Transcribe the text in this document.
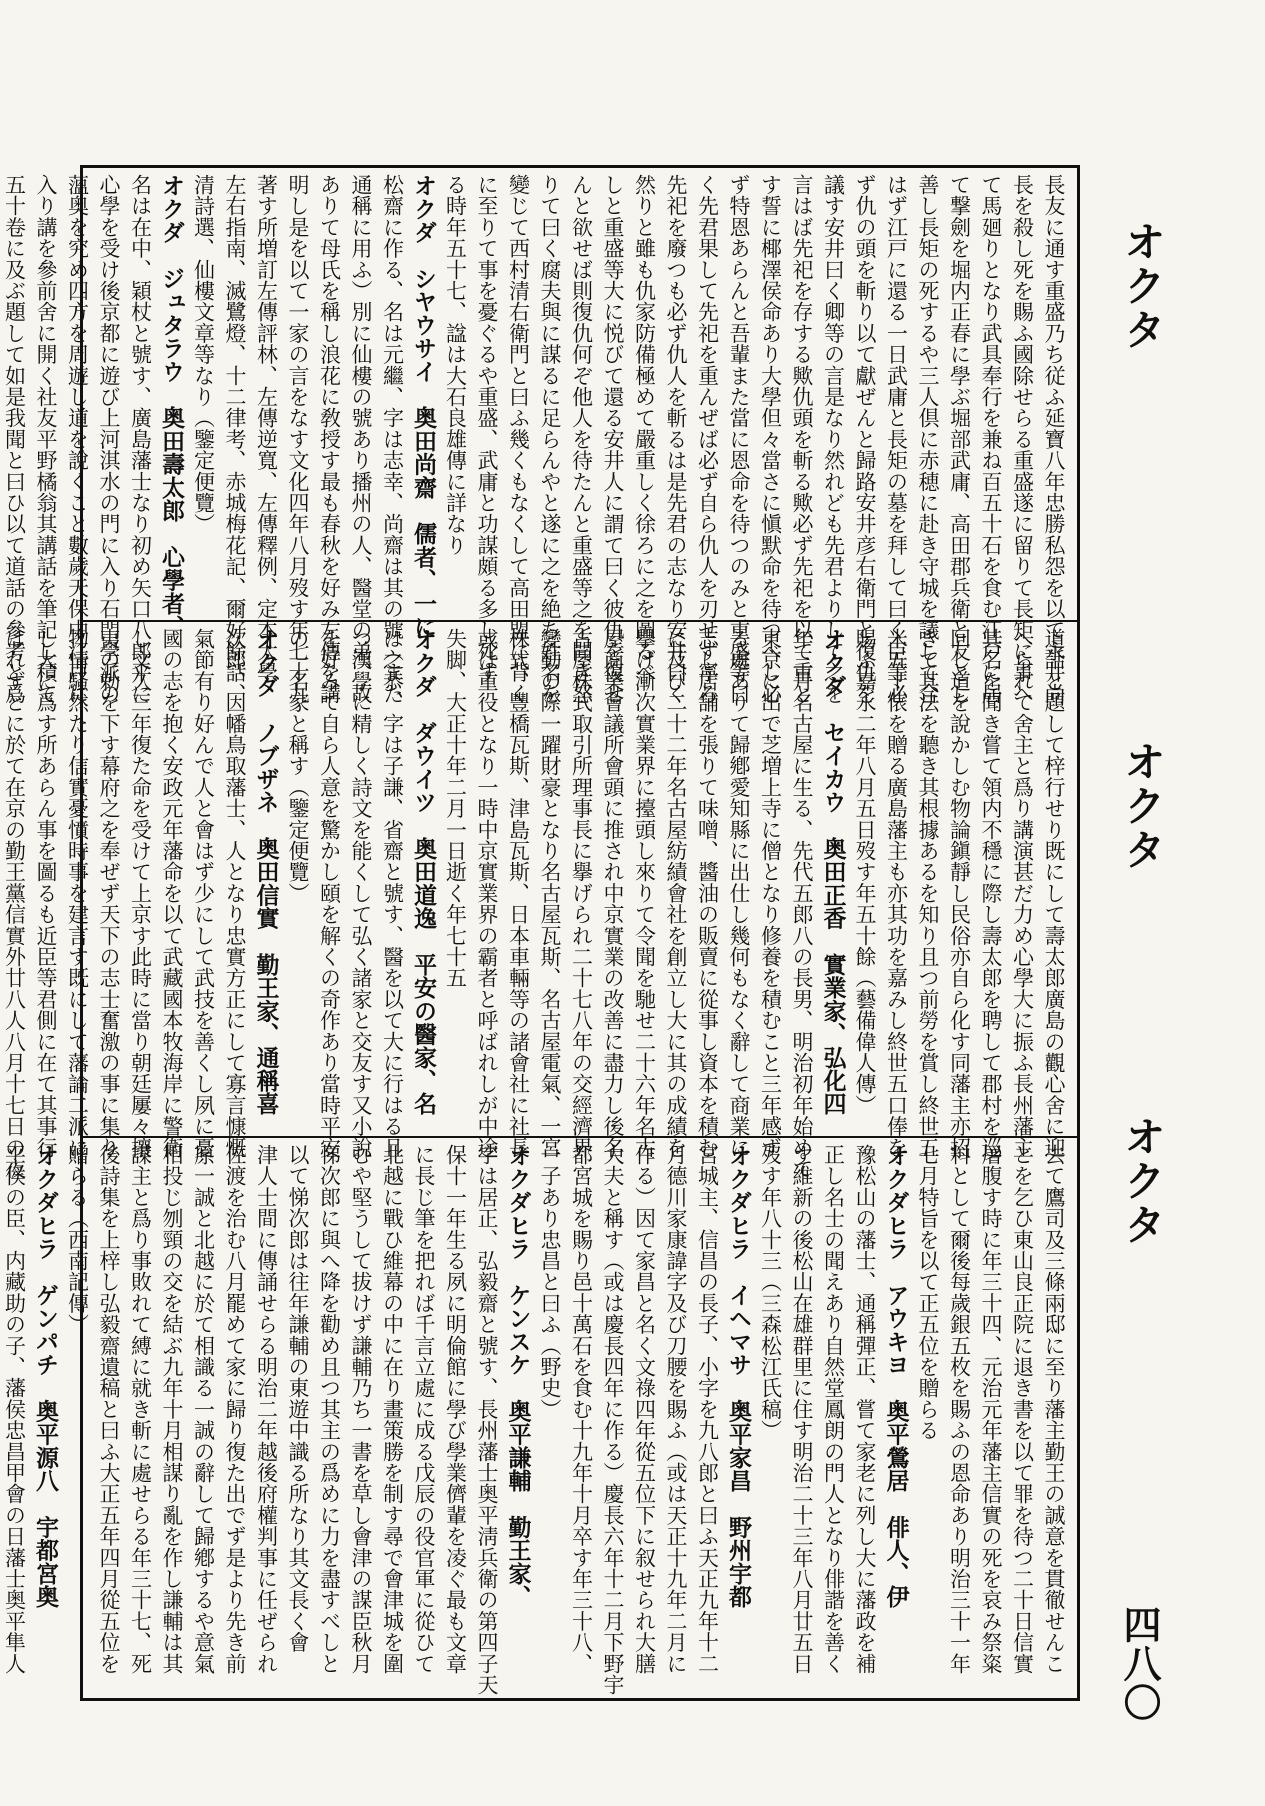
長友に通す重盛乃ち従ふ延寶八年忠勝私怨を以て永井尚
長を殺し死を賜ふ國除せらる重盛遂に留りて長矩に事へ
て馬廻りとなり武具奉行を兼ね百五十石を食む江戸に居
て撃劍を堀内正春に學ぶ堀部武庸、高田郡兵衛と友とし
善し長矩の死するや三人倶に赤穂に赴き守城を議して合
はず江戸に還る一日武庸と長矩の墓を拜して曰く臣等必
ず仇の頭を斬り以て獻ぜんと歸路安井彦右衛門と復仇を
議す安井曰く卿等の言是なり然れども先君よりして之を
言はば先祀を存する歟仇頭を斬る歟必ず先祀を以て重と
す誓に椰澤侯命あり大學但々當さに愼默命を待つべし必
ず特恩あらんと吾輩また當に恩命を待つのみと重盛等曰
く先君果して先祀を重んぜば必ず自ら仇人を刃せず寧ろ
先祀を廢つも必ず仇人を斬るは是先君の志なり安井曰く
然りと雖も仇家防備極めて嚴重しく徐ろに之を圖るべ
しと重盛等大に悦びて還る安井人に謂て曰く彼仇を復せ
んと欲せば則復仇何ぞ他人を待たんと重盛等之を聞き怒
りて曰く腐夫與に謀るに足らんやと遂に之を絶ち姓名を
變じて西村清右衛門と曰ふ幾くもなくして高田盟に背く
に至りて事を憂ぐるや重盛、武庸と功謀頗る多し死す
る時年五十七、諡は大石良雄傳に詳なり
オクダ　シヤウサイ　奥田尚齋　儒者、一に
松齋に作る、名は元繼、字は志幸、尚齋は其の號（また
通稱に用ふ）別に仙樓の號あり播州の人、醫堂の弟、故
ありて母氏を稱し浪花に敎授す最も春秋を好み左傳を講
明し是を以て一家の言をなす文化四年八月歿す年七十九
著す所増訂左傳評林、左傳逆寬、左傳釋例、定本大學
左右指南、滅鷺燈、十二律考、赤城梅花記、爾好餘話、
清詩選、仙樓文章等なり（鑒定便覽）
オクダ　ジュタラウ　奥田壽太郎　心學者、
名は在中、穎杖と號す、廣島藩士なり初め矢口八郎平に
心學を受け後京都に遊び上河淇水の門に入り石門學派の
薀奥を究め四方を周遊し道を說くこと數歲天保中江戸に
入り講を參前舍に開く社友平野橘翁其講話を筆記し積て
五十卷に及ぶ題して如是我聞と曰ひ以て道話の參考と爲
道話と題して梓行せり既にして壽太郎廣島の觀心舍に迎
へられて舍主と爲り講演甚だ力め心學大に振ふ長州藩主
其名を聞き嘗て領内不穩に際し壽太郎を聘して郡村を巡
回し道を說かしむ物論鎭靜し民俗亦自ら化す同藩主亦招
きて其法を聽き其根據あるを知り且つ前勞を賞し終世五
米五十俵を贈る廣島藩主も亦其功を嘉みし終世五口俸を
賜ふ嘉永二年八月五日歿す年五十餘（藝備偉人傳）
オクダ　セイカウ　奥田正香　實業家、弘化四
年三月名古屋に生る、先代五郎八の長男、明治初年始めて
東京に出で芝増上寺に僧となり修養を積むこと三年感ず
る處ありて歸鄕愛知縣に出仕し幾何もなく辭して商業に
志し店舗を張りて味噌、醬油の販賣に從事し資本を積む
に及び二十二年名古屋紡績會社を創立し大に其の成績を
擧げ漸次實業界に擡頭し來りて令聞を馳せ二十六年名古
屋商業會議所會頭に推され中京實業の改善に盡力し後名
古屋株式取引所理事長に擧げられ二十七八年の交經濟界
變動の際一躍財豪となり名古屋瓦斯、名古屋電氣、一宮
株式、豐橋瓦斯、津島瓦斯、日本車輛等の諸會社に社長
或は重役となり一時中京實業界の霸者と呼ばれしが中途
失脚、大正十年二月一日逝く年七十五
オクダ　ダウイツ　奥田道逸　平安の醫家、名
は之恭、字は子謙、省齋と號す、醫を以て大に行はる且
つ漢學に精しく詩文を能くして弘く諸家と交友す又小說
を好みて自ら人意を驚かし頤を解くの奇作あり當時平安
の一名家と稱す（鑒定便覽）
オクダ　ノブザネ　奥田信實　勤王家、通稱喜
次郎、因幡鳥取藩士、人となり忠實方正にして寡言慷慨
氣節有り好んで人と會はず少にして武技を善くし夙に憂
國の志を抱く安政元年藩命を以て武藏國本牧海岸に警衛
し文久三年復た命を受けて上京す此時に當り朝廷屢々攘
夷の勅を下す幕府之を奉ぜず天下の志士奮激の事に集り
物情騷然たり信實憂憤時事を建言す既にして藩論二派に
し大に爲す所あらん事を圖るも近臣等君側に在て其事行
はれずとに於て在京の勤王黨信實外廿八人八月十七日の夜
去て鷹司及三條兩邸に至り藩主勤王の誠意を貫徹せんこ
とを乞ひ東山良正院に退き書を以て罪を待つ二十日信實
屠腹す時に年三十四、元治元年藩主信實の死を哀み祭粢
料として爾後每歲銀五枚を賜ふの恩命あり明治三十一年
七月特旨を以て正五位を贈らる
オクダヒラ　アウキヨ　奥平鶯居　俳人、伊
豫松山の藩士、通稱彈正、嘗て家老に列し大に藩政を補
正し名士の聞えあり自然堂鳳朗の門人となり俳諧を善く
す維新の後松山在雄群里に住す明治二十三年八月廿五日
歿す年八十三（三森松江氏稿）
オクダヒラ　イヘマサ　奥平家昌　野州宇都
宮城主、信昌の長子、小字を九八郎と曰ふ天正九年十二
月德川家康諱字及び刀腰を賜ふ（或は天正十九年二月に
作る）因て家昌と名く文祿四年從五位下に叙せられ大膳
大夫と稱す（或は慶長四年に作る）慶長六年十二月下野宇
都宮城を賜り邑十萬石を食む十九年十月卒す年三十八、
一子あり忠昌と曰ふ（野史）
オクダヒラ　ケンスケ　奥平謙輔　勤王家、
字は居正、弘毅齋と號す、長州藩士奥平淸兵衛の第四子天
保十一年生る夙に明倫館に學び學業儕輩を凌ぐ最も文章
に長じ筆を把れば千言立處に成る戊辰の役官軍に從ひて
北越に戰ひ維幕の中に在り畫策勝を制す尋で會津城を圍
むや堅うして拔けず謙輔乃ち一書を草し會津の謀臣秋月
悌次郎に與へ降を勸め且つ其主の爲めに力を盡すべしと
以て悌次郎は往年謙輔の東遊中識る所なり其文長く會
津人士間に傳誦せらる明治二年越後府權判事に任ぜられ
佐渡を治む八月罷めて家に歸り復た出でず是より先き前
原一誠と北越に於て相識る一誠の辭して歸鄕するや意氣
相投じ刎頸の交を結ぶ九年十月相謀り亂を作し謙輔は其
謀主と爲り事敗れて縛に就き斬に處せらる年三十七、死
後詩集を上梓し弘毅齋遺稿と曰ふ大正五年四月從五位を
贈らる（西南記傳）
オクダヒラ　ゲンパチ　奥平源八　宇都宮奥
平侯の臣、内藏助の子、藩侯忠昌甲會の日藩士奥平隼人
オクタ
オクタ
オクタ
四八〇
